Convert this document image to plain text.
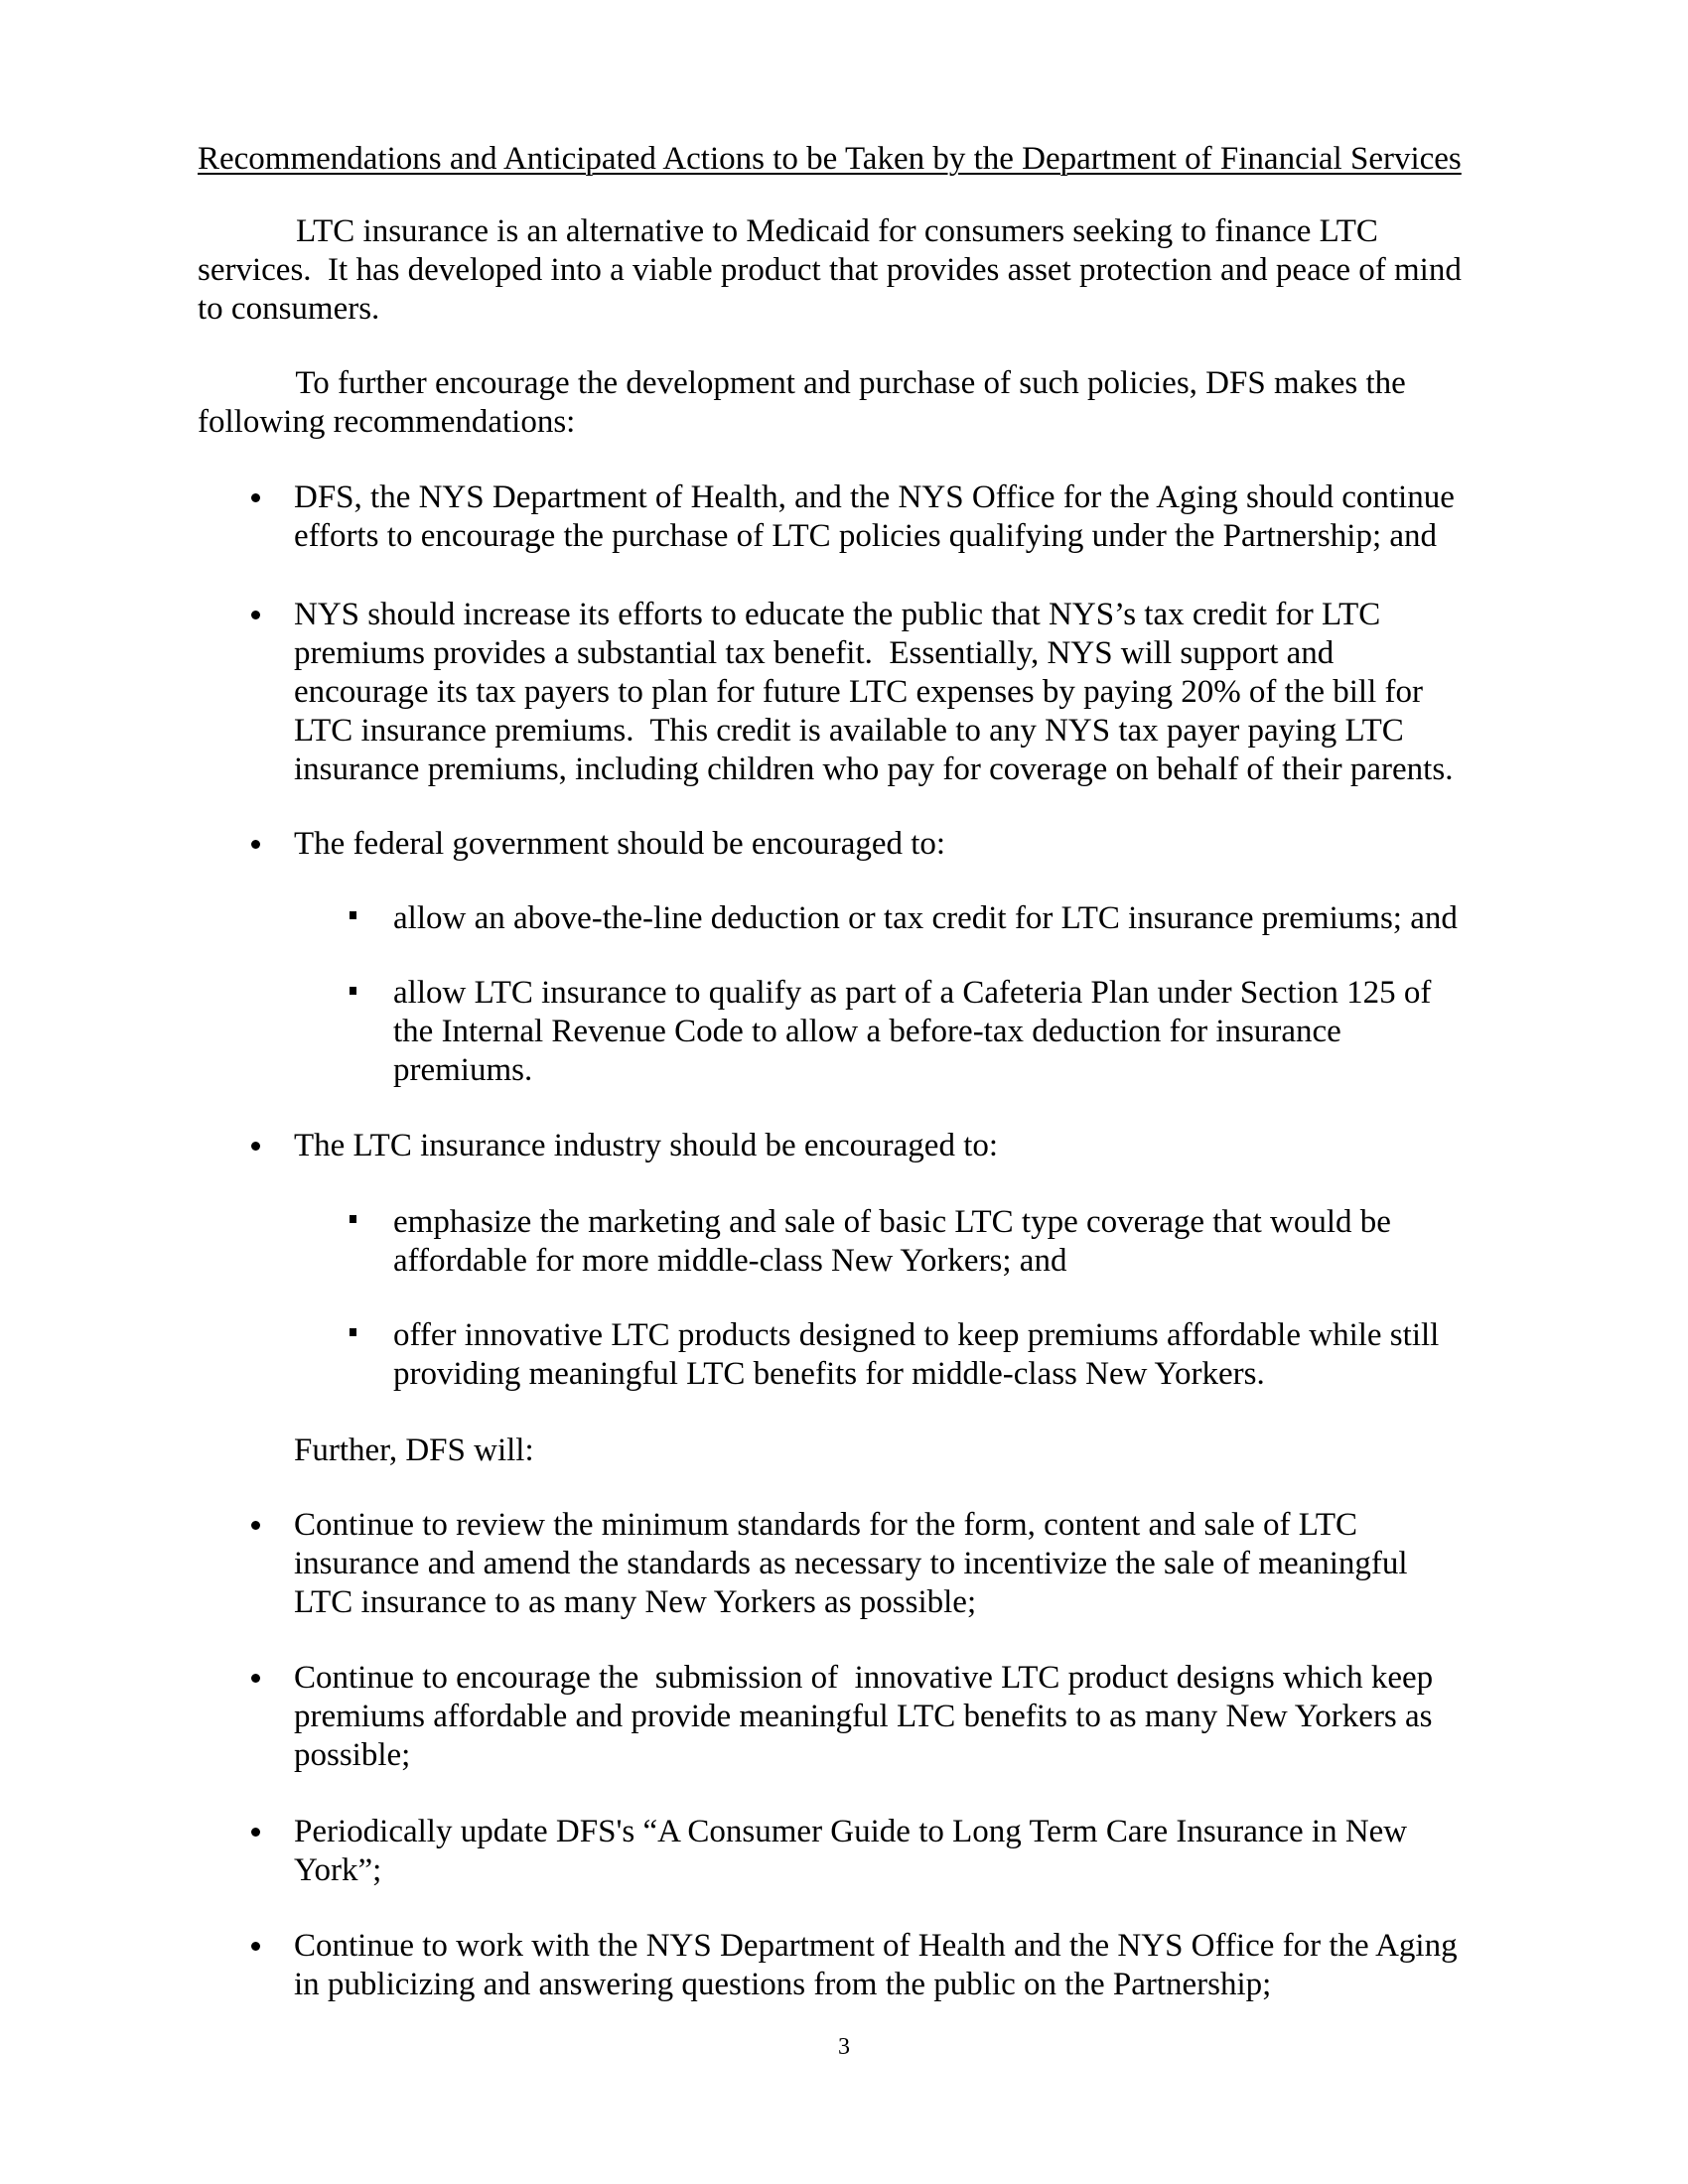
Recommendations and Anticipated Actions to be Taken by the Department of Financial Services
LTC insurance is an alternative to Medicaid for consumers seeking to finance LTC
services.  It has developed into a viable product that provides asset protection and peace of mind
to consumers.
To further encourage the development and purchase of such policies, DFS makes the
following recommendations:
DFS, the NYS Department of Health, and the NYS Office for the Aging should continue
efforts to encourage the purchase of LTC policies qualifying under the Partnership; and
NYS should increase its efforts to educate the public that NYS’s tax credit for LTC
premiums provides a substantial tax benefit.  Essentially, NYS will support and
encourage its tax payers to plan for future LTC expenses by paying 20% of the bill for
LTC insurance premiums.  This credit is available to any NYS tax payer paying LTC
insurance premiums, including children who pay for coverage on behalf of their parents.
The federal government should be encouraged to:
allow an above-the-line deduction or tax credit for LTC insurance premiums; and
allow LTC insurance to qualify as part of a Cafeteria Plan under Section 125 of
the Internal Revenue Code to allow a before-tax deduction for insurance
premiums.
The LTC insurance industry should be encouraged to:
emphasize the marketing and sale of basic LTC type coverage that would be
affordable for more middle-class New Yorkers; and
offer innovative LTC products designed to keep premiums affordable while still
providing meaningful LTC benefits for middle-class New Yorkers.
Further, DFS will:
Continue to review the minimum standards for the form, content and sale of LTC
insurance and amend the standards as necessary to incentivize the sale of meaningful
LTC insurance to as many New Yorkers as possible;
Continue to encourage the  submission of  innovative LTC product designs which keep
premiums affordable and provide meaningful LTC benefits to as many New Yorkers as
possible;
Periodically update DFS's “A Consumer Guide to Long Term Care Insurance in New
York”;
Continue to work with the NYS Department of Health and the NYS Office for the Aging
in publicizing and answering questions from the public on the Partnership;
3
